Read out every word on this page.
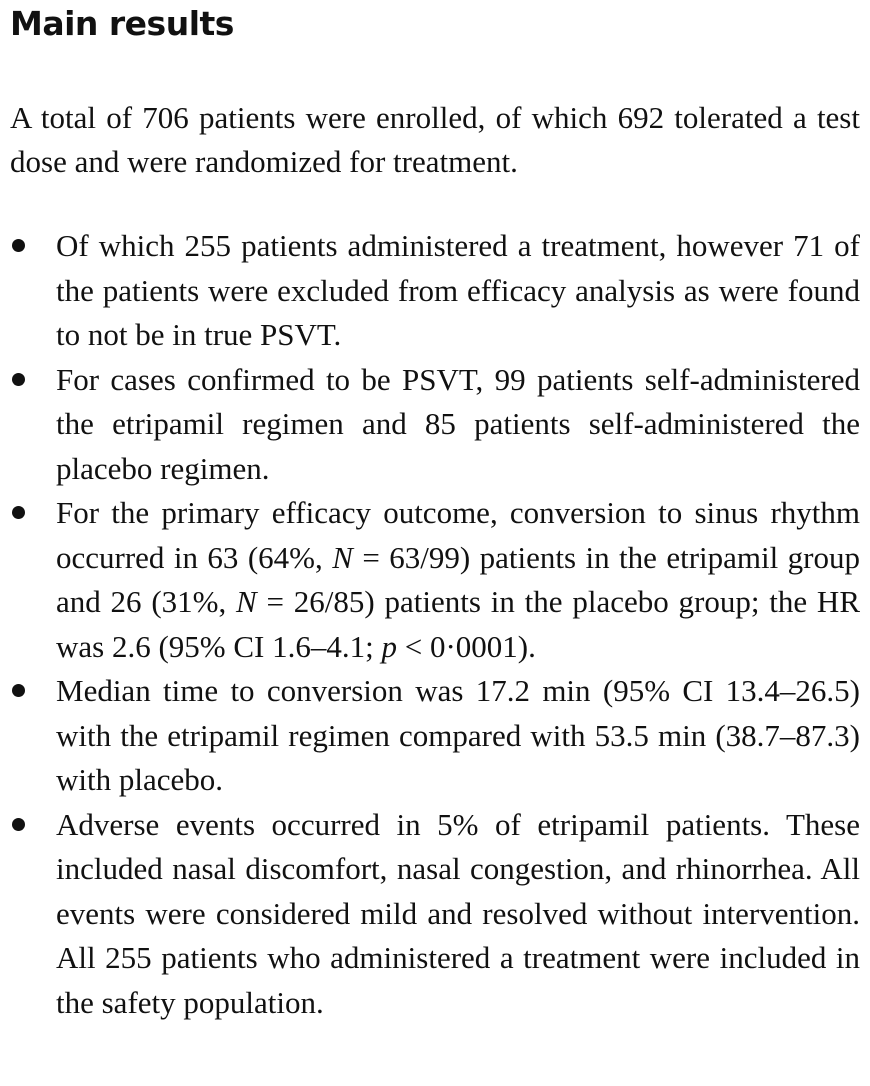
Main results

A total of 706 patients were enrolled, of which 692 tolerated a test dose and were randomized for treatment.

Of which 255 patients administered a treatment, however 71 of the patients were excluded from efficacy analysis as were found to not be in true PSVT.
For cases confirmed to be PSVT, 99 patients self-administered the etripamil regimen and 85 patients self-administered the placebo regimen.
For the primary efficacy outcome, conversion to sinus rhythm occurred in 63 (64%, N = 63/99) patients in the etripamil group and 26 (31%, N = 26/85) patients in the placebo group; the HR was 2.6 (95% CI 1.6–4.1; p < 0·0001).
Median time to conversion was 17.2 min (95% CI 13.4–26.5) with the etripamil regimen compared with 53.5 min (38.7–87.3) with placebo.
Adverse events occurred in 5% of etripamil patients. These included nasal discomfort, nasal congestion, and rhinorrhea. All events were considered mild and resolved without intervention. All 255 patients who administered a treatment were included in the safety population.
